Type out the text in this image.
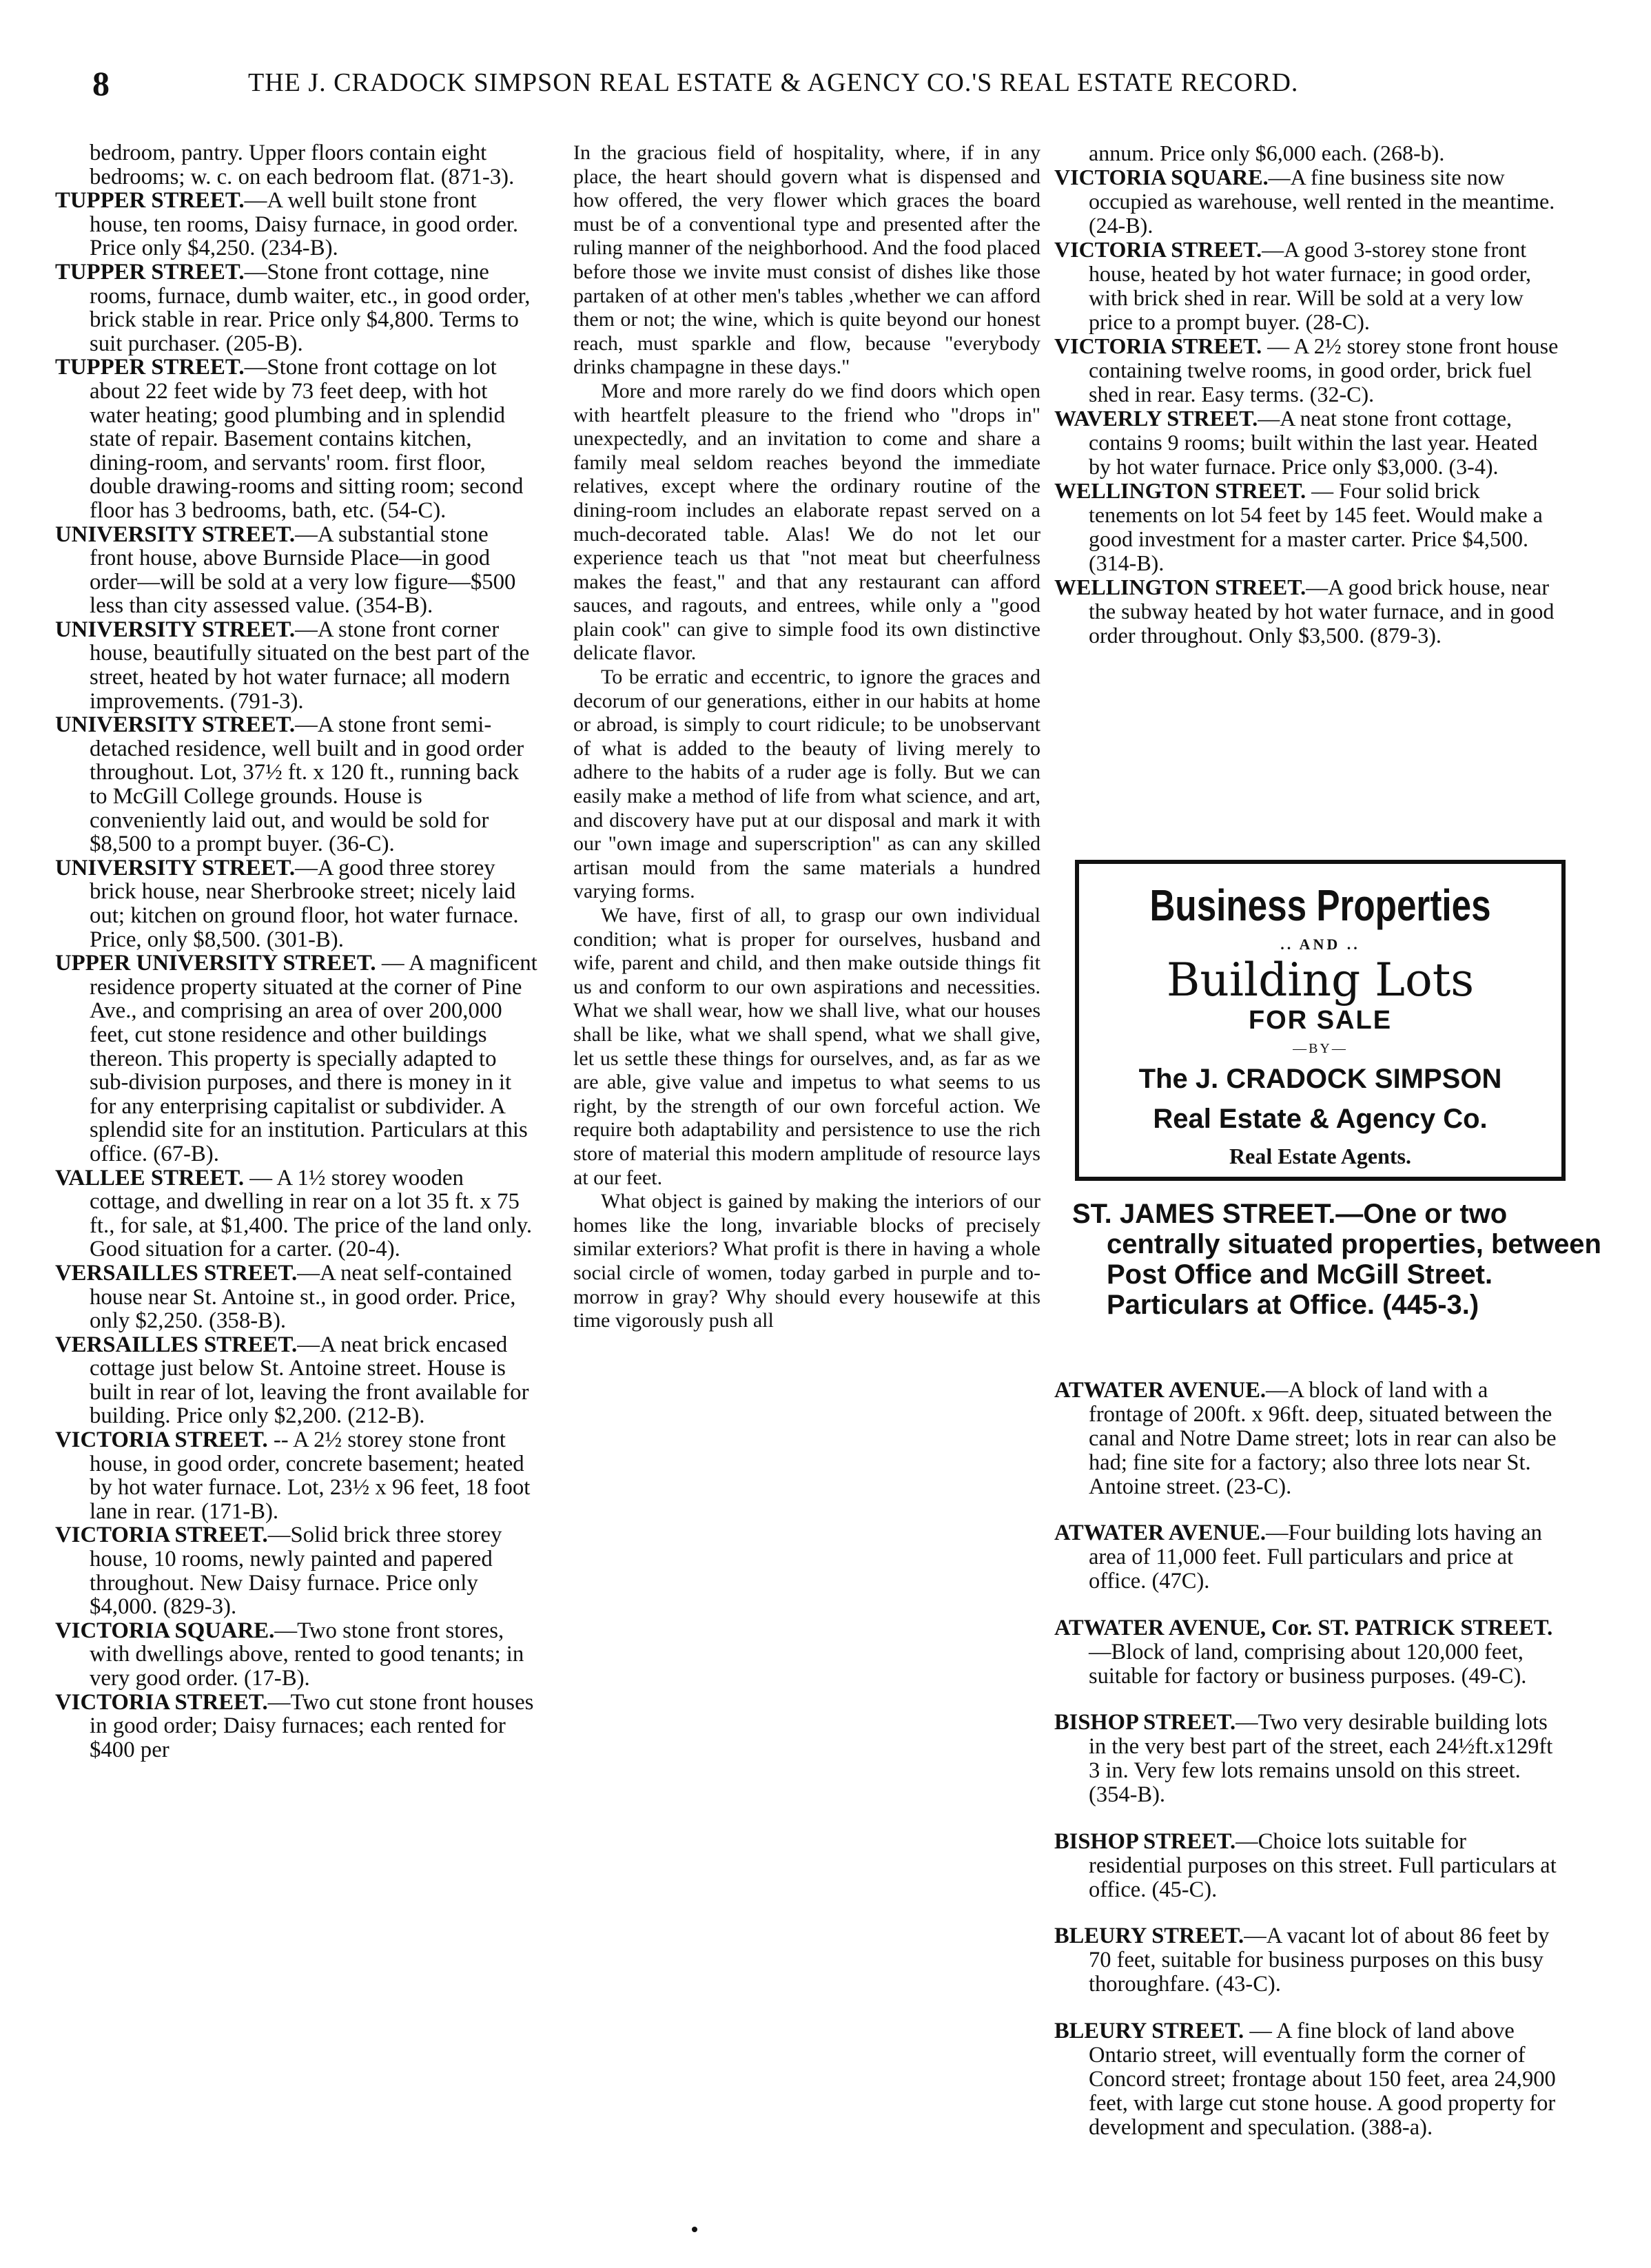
8	THE J. CRADOCK SIMPSON REAL ESTATE & AGENCY CO.'S REAL ESTATE RECORD.

bedroom, pantry. Upper floors contain eight bedrooms; w. c. on each bedroom flat. (871-3).

TUPPER STREET.—A well built stone front house, ten rooms, Daisy furnace, in good order. Price only $4,250. (234-B).

TUPPER STREET.—Stone front cottage, nine rooms, furnace, dumb waiter, etc., in good order, brick stable in rear. Price only $4,800. Terms to suit purchaser. (205-B).

TUPPER STREET.—Stone front cottage on lot about 22 feet wide by 73 feet deep, with hot water heating; good plumbing and in splendid state of repair. Basement contains kitchen, dining-room, and servants' room. first floor, double drawing-rooms and sitting room; second floor has 3 bedrooms, bath, etc. (54-C).

UNIVERSITY STREET.—A substantial stone front house, above Burnside Place—in good order—will be sold at a very low figure—$500 less than city assessed value. (354-B).

UNIVERSITY STREET.—A stone front corner house, beautifully situated on the best part of the street, heated by hot water furnace; all modern improvements. (791-3).

UNIVERSITY STREET.—A stone front semi-detached residence, well built and in good order throughout. Lot, 37½ ft. x 120 ft., running back to McGill College grounds. House is conveniently laid out, and would be sold for $8,500 to a prompt buyer. (36-C).

UNIVERSITY STREET.—A good three storey brick house, near Sherbrooke street; nicely laid out; kitchen on ground floor, hot water furnace. Price, only $8,500. (301-B).

UPPER UNIVERSITY STREET. — A magnificent residence property situated at the corner of Pine Ave., and comprising an area of over 200,000 feet, cut stone residence and other buildings thereon. This property is specially adapted to sub-division purposes, and there is money in it for any enterprising capitalist or subdivider. A splendid site for an institution. Particulars at this office. (67-B).

VALLEE STREET. — A 1½ storey wooden cottage, and dwelling in rear on a lot 35 ft. x 75 ft., for sale, at $1,400. The price of the land only. Good situation for a carter. (20-4).

VERSAILLES STREET.—A neat self-contained house near St. Antoine st., in good order. Price, only $2,250. (358-B).

VERSAILLES STREET.—A neat brick encased cottage just below St. Antoine street. House is built in rear of lot, leaving the front available for building. Price only $2,200. (212-B).

VICTORIA STREET. -- A 2½ storey stone front house, in good order, concrete basement; heated by hot water furnace. Lot, 23½ x 96 feet, 18 foot lane in rear. (171-B).

VICTORIA STREET.—Solid brick three storey house, 10 rooms, newly painted and papered throughout. New Daisy furnace. Price only $4,000. (829-3).

VICTORIA SQUARE.—Two stone front stores, with dwellings above, rented to good tenants; in very good order. (17-B).

VICTORIA STREET.—Two cut stone front houses in good order; Daisy furnaces; each rented for $400 per

In the gracious field of hospitality, where, if in any place, the heart should govern what is dispensed and how offered, the very flower which graces the board must be of a conventional type and presented after the ruling manner of the neighborhood. And the food placed before those we invite must consist of dishes like those partaken of at other men's tables ,whether we can afford them or not; the wine, which is quite beyond our honest reach, must sparkle and flow, because "everybody drinks champagne in these days."

More and more rarely do we find doors which open with heartfelt pleasure to the friend who "drops in" unexpectedly, and an invitation to come and share a family meal seldom reaches beyond the immediate relatives, except where the ordinary routine of the dining-room includes an elaborate repast served on a much-decorated table. Alas! We do not let our experience teach us that "not meat but cheerfulness makes the feast," and that any restaurant can afford sauces, and ragouts, and entrees, while only a "good plain cook" can give to simple food its own distinctive delicate flavor.

To be erratic and eccentric, to ignore the graces and decorum of our generations, either in our habits at home or abroad, is simply to court ridicule; to be unobservant of what is added to the beauty of living merely to adhere to the habits of a ruder age is folly. But we can easily make a method of life from what science, and art, and discovery have put at our disposal and mark it with our "own image and superscription" as can any skilled artisan mould from the same materials a hundred varying forms.

We have, first of all, to grasp our own individual condition; what is proper for ourselves, husband and wife, parent and child, and then make outside things fit us and conform to our own aspirations and necessities. What we shall wear, how we shall live, what our houses shall be like, what we shall spend, what we shall give, let us settle these things for ourselves, and, as far as we are able, give value and impetus to what seems to us right, by the strength of our own forceful action. We require both adaptability and persistence to use the rich store of material this modern amplitude of resource lays at our feet.

What object is gained by making the interiors of our homes like the long, invariable blocks of precisely similar exteriors? What profit is there in having a whole social circle of women, today garbed in purple and to-morrow in gray? Why should every housewife at this time vigorously push all

annum. Price only $6,000 each. (268-b).

VICTORIA SQUARE.—A fine business site now occupied as warehouse, well rented in the meantime. (24-B).

VICTORIA STREET.—A good 3-storey stone front house, heated by hot water furnace; in good order, with brick shed in rear. Will be sold at a very low price to a prompt buyer. (28-C).

VICTORIA STREET. — A 2½ storey stone front house containing twelve rooms, in good order, brick fuel shed in rear. Easy terms. (32-C).

WAVERLY STREET.—A neat stone front cottage, contains 9 rooms; built within the last year. Heated by hot water furnace. Price only $3,000. (3-4).

WELLINGTON STREET. — Four solid brick tenements on lot 54 feet by 145 feet. Would make a good investment for a master carter. Price $4,500. (314-B).

WELLINGTON STREET.—A good brick house, near the subway heated by hot water furnace, and in good order throughout. Only $3,500. (879-3).

Business Properties
.. AND ..
Building Lots
FOR SALE
—BY—
The J. CRADOCK SIMPSON
Real Estate & Agency Co.
Real Estate Agents.
ST. JAMES STREET.—One or two centrally situated properties, between Post Office and McGill Street. Particulars at Office. (445-3.)

ATWATER AVENUE.—A block of land with a frontage of 200ft. x 96ft. deep, situated between the canal and Notre Dame street; lots in rear can also be had; fine site for a factory; also three lots near St. Antoine street. (23-C).

ATWATER AVENUE.—Four building lots having an area of 11,000 feet. Full particulars and price at office. (47C).

ATWATER AVENUE, Cor. ST. PATRICK STREET.—Block of land, comprising about 120,000 feet, suitable for factory or business purposes. (49-C).

BISHOP STREET.—Two very desirable building lots in the very best part of the street, each 24½ft.x129ft 3 in. Very few lots remains unsold on this street. (354-B).

BISHOP STREET.—Choice lots suitable for residential purposes on this street. Full particulars at office. (45-C).

BLEURY STREET.—A vacant lot of about 86 feet by 70 feet, suitable for business purposes on this busy thoroughfare. (43-C).

BLEURY STREET. — A fine block of land above Ontario street, will eventually form the corner of Concord street; frontage about 150 feet, area 24,900 feet, with large cut stone house. A good property for development and speculation. (388-a).
